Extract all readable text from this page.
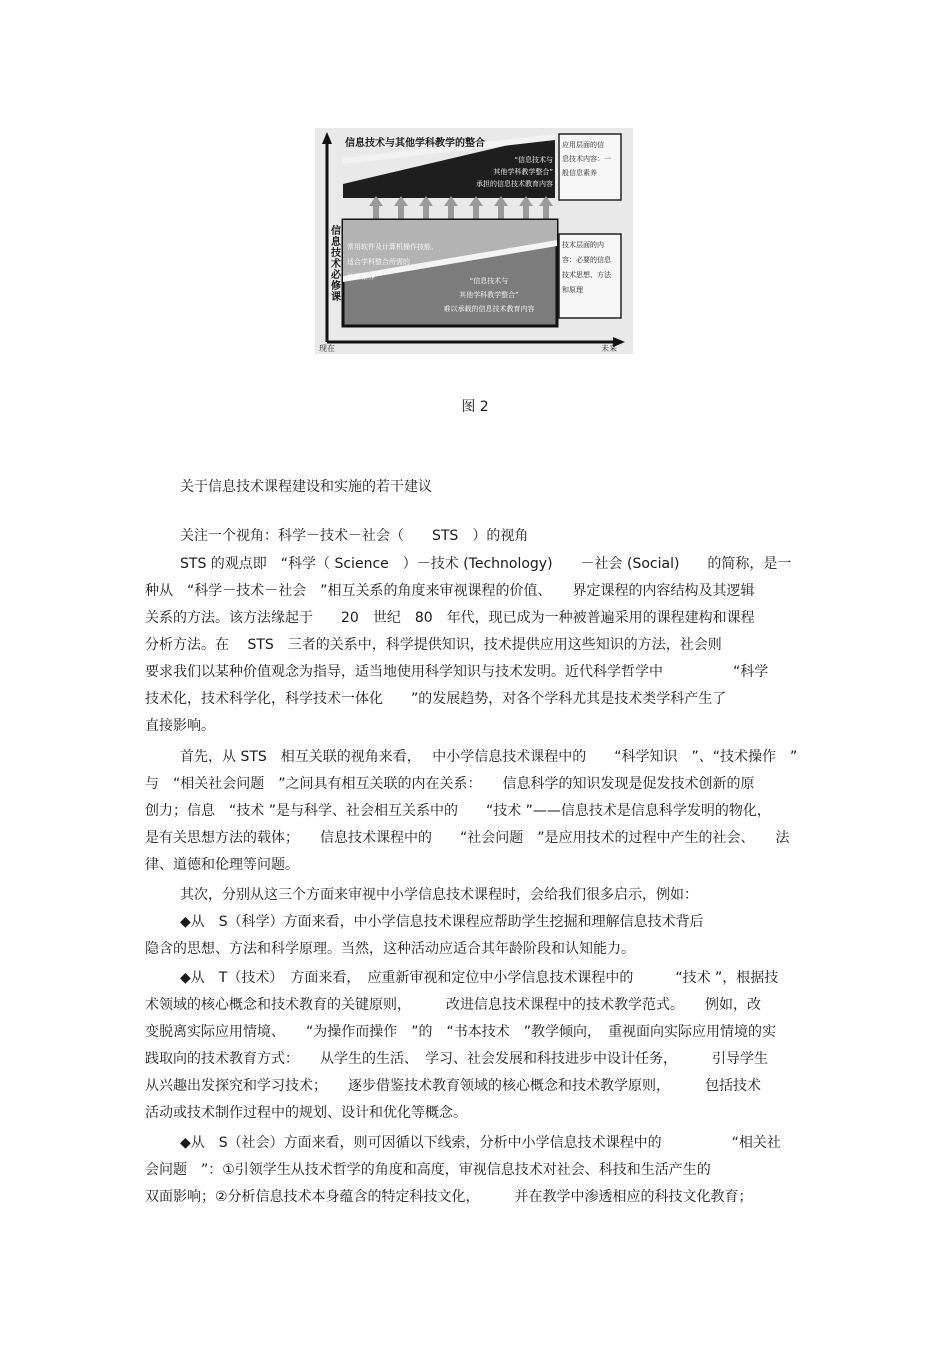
信息技术与其他学科教学的整合
“信息技术与
其他学科教学整合”
承担的信息技术教育内容
应用层面的信
息技术内容：一
般信息素养
技术层面的内
容：必要的信息
技术思想、方法
和原理
常用软件及计算机操作技能、
适合学科整合所需的
信息素养	“信息技术与
其他学科教学整合”
难以承载的信息技术教育内容
信息技术必修课
现在	未来
图 2
关于信息技术课程建设和实施的若干建议
关注一个视角：科学－技术－社会（　　STS　）的视角
STS 的观点即　“科学（ Science　）－技术 (Technology)　　－社会 (Social)　　的简称，是一
种从　“科学－技术－社会　”相互关系的角度来审视课程的价值、　　界定课程的内容结构及其逻辑
关系的方法。该方法缘起于　　20　世纪　80　年代，现已成为一种被普遍采用的课程建构和课程
分析方法。在　 STS　三者的关系中，科学提供知识，技术提供应用这些知识的方法，社会则
要求我们以某种价值观念为指导，适当地使用科学知识与技术发明。近代科学哲学中　　　　　“科学
技术化，技术科学化，科学技术一体化　　”的发展趋势，对各个学科尤其是技术类学科产生了
直接影响。
首先，从 STS　相互关联的视角来看，　 中小学信息技术课程中的　　“科学知识　”、“技术操作　”
与　“相关社会问题　”之间具有相互关联的内在关系：　　信息科学的知识发现是促发技术创新的原
创力；信息　“技术 ”是与科学、社会相互关系中的　　“技术 ”——信息技术是信息科学发明的物化，
是有关思想方法的载体；　　信息技术课程中的　　“社会问题　”是应用技术的过程中产生的社会、　　法
律、道德和伦理等问题。
其次，分别从这三个方面来审视中小学信息技术课程时，会给我们很多启示，例如：
◆从　S（科学）方面来看，中小学信息技术课程应帮助学生挖掘和理解信息技术背后
隐含的思想、方法和科学原理。当然，这种活动应适合其年龄阶段和认知能力。
◆从　T（技术）　方面来看，　应重新审视和定位中小学信息技术课程中的　　　“技术 ”，根据技
术领域的核心概念和技术教育的关键原则，　　　改进信息技术课程中的技术教学范式。　　例如，改
变脱离实际应用情境、　　“为操作而操作　”的　“书本技术　”教学倾向，　重视面向实际应用情境的实
践取向的技术教育方式：　　从学生的生活、　学习、社会发展和科技进步中设计任务，　　　引导学生
从兴趣出发探究和学习技术；　　逐步借鉴技术教育领域的核心概念和技术教学原则，　　　包括技术
活动或技术制作过程中的规划、设计和优化等概念。
◆从　S（社会）方面来看，则可因循以下线索，分析中小学信息技术课程中的　　　　　“相关社
会问题　”：①引领学生从技术哲学的角度和高度，审视信息技术对社会、科技和生活产生的
双面影响；②分析信息技术本身蕴含的特定科技文化，　　　并在教学中渗透相应的科技文化教育；
